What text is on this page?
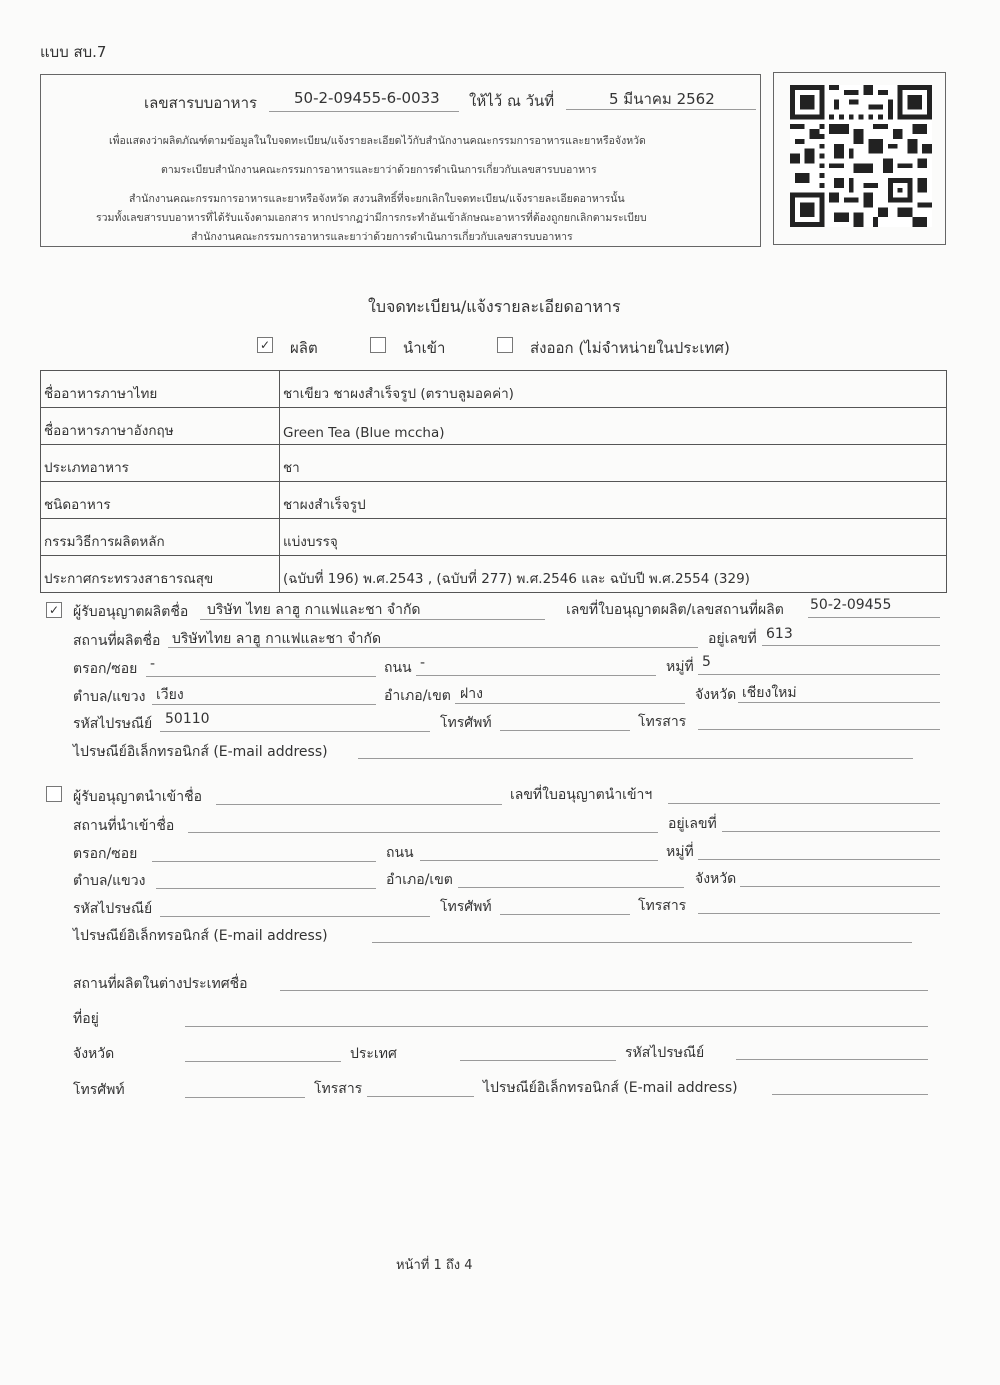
แบบ สบ.7
เลขสารบบอาหาร 50-2-09455-6-0033 ให้ไว้ ณ วันที่	5 มีนาคม 2562
เพื่อแสดงว่าผลิตภัณฑ์ตามข้อมูลในใบจดทะเบียน/แจ้งรายละเอียดไว้กับสำนักงานคณะกรรมการอาหารและยาหรือจังหวัด
ตามระเบียบสำนักงานคณะกรรมการอาหารและยาว่าด้วยการดำเนินการเกี่ยวกับเลขสารบบอาหาร
สำนักงานคณะกรรมการอาหารและยาหรือจังหวัด สงวนสิทธิ์ที่จะยกเลิกใบจดทะเบียน/แจ้งรายละเอียดอาหารนั้น
รวมทั้งเลขสารบบอาหารที่ได้รับแจ้งตามเอกสาร หากปรากฏว่ามีการกระทำอันเข้าลักษณะอาหารที่ต้องถูกยกเลิกตามระเบียบ
สำนักงานคณะกรรมการอาหารและยาว่าด้วยการดำเนินการเกี่ยวกับเลขสารบบอาหาร
ใบจดทะเบียน/แจ้งรายละเอียดอาหาร
✓ ผลิต	นำเข้า	ส่งออก (ไม่จำหน่ายในประเทศ)
ชื่ออาหารภาษาไทย	ชาเขียว ชาผงสำเร็จรูป (ตราบลูมอคค่า)
ชื่ออาหารภาษาอังกฤษ	Green Tea (Blue mccha)
ประเภทอาหาร	ชา
ชนิดอาหาร	ชาผงสำเร็จรูป
กรรมวิธีการผลิตหลัก	แบ่งบรรจุ
ประกาศกระทรวงสาธารณสุข	(ฉบับที่ 196) พ.ศ.2543 , (ฉบับที่ 277) พ.ศ.2546 และ ฉบับปี พ.ศ.2554 (329)
✓ ผู้รับอนุญาตผลิตชื่อ บริษัท ไทย ลาฮู กาแฟและชา จำกัด	เลขที่ใบอนุญาตผลิต/เลขสถานที่ผลิต 50-2-09455
สถานที่ผลิตชื่อ บริษัทไทย ลาฮู กาแฟและชา จำกัด	อยู่เลขที่ 613
ตรอก/ซอย -	ถนน -	หมู่ที่ 5
ตำบล/แขวง เวียง	อำเภอ/เขต ฝาง	จังหวัด เชียงใหม่
รหัสไปรษณีย์ 50110	โทรศัพท์	โทรสาร
ไปรษณีย์อิเล็กทรอนิกส์ (E-mail address)
ผู้รับอนุญาตนำเข้าชื่อ	เลขที่ใบอนุญาตนำเข้าฯ
สถานที่นำเข้าชื่อ	อยู่เลขที่
ตรอก/ซอย	ถนน	หมู่ที่
ตำบล/แขวง	อำเภอ/เขต	จังหวัด
รหัสไปรษณีย์	โทรศัพท์	โทรสาร
ไปรษณีย์อิเล็กทรอนิกส์ (E-mail address)
สถานที่ผลิตในต่างประเทศชื่อ
ที่อยู่
จังหวัด	ประเทศ	รหัสไปรษณีย์
โทรศัพท์	โทรสาร	ไปรษณีย์อิเล็กทรอนิกส์ (E-mail address)
หน้าที่ 1 ถึง 4
